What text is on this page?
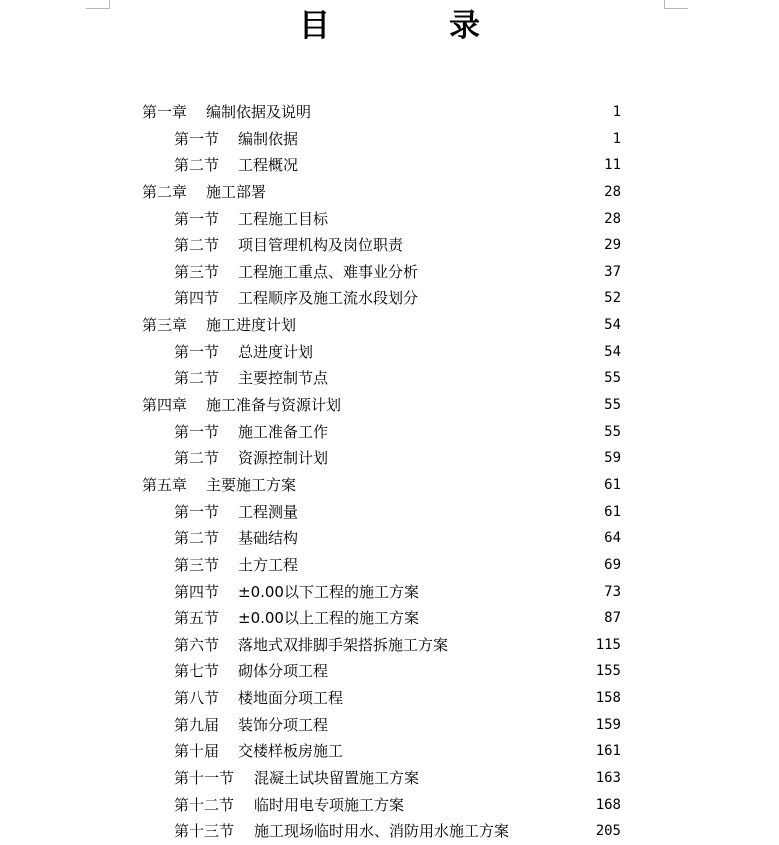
目　录
第一章 编制依据及说明	1
第一节 编制依据	1
第二节 工程概况	11
第二章 施工部署	28
第一节 工程施工目标	28
第二节 项目管理机构及岗位职责	29
第三节 工程施工重点、难事业分析	37
第四节 工程顺序及施工流水段划分	52
第三章 施工进度计划	54
第一节 总进度计划	54
第二节 主要控制节点	55
第四章 施工准备与资源计划	55
第一节 施工准备工作	55
第二节 资源控制计划	59
第五章 主要施工方案	61
第一节 工程测量	61
第二节 基础结构	64
第三节 土方工程	69
第四节 ±0.00以下工程的施工方案	73
第五节 ±0.00以上工程的施工方案	87
第六节 落地式双排脚手架搭拆施工方案	115
第七节 砌体分项工程	155
第八节 楼地面分项工程	158
第九届 装饰分项工程	159
第十届 交楼样板房施工	161
第十一节 混凝土试块留置施工方案	163
第十二节 临时用电专项施工方案	168
第十三节 施工现场临时用水、消防用水施工方案	205
